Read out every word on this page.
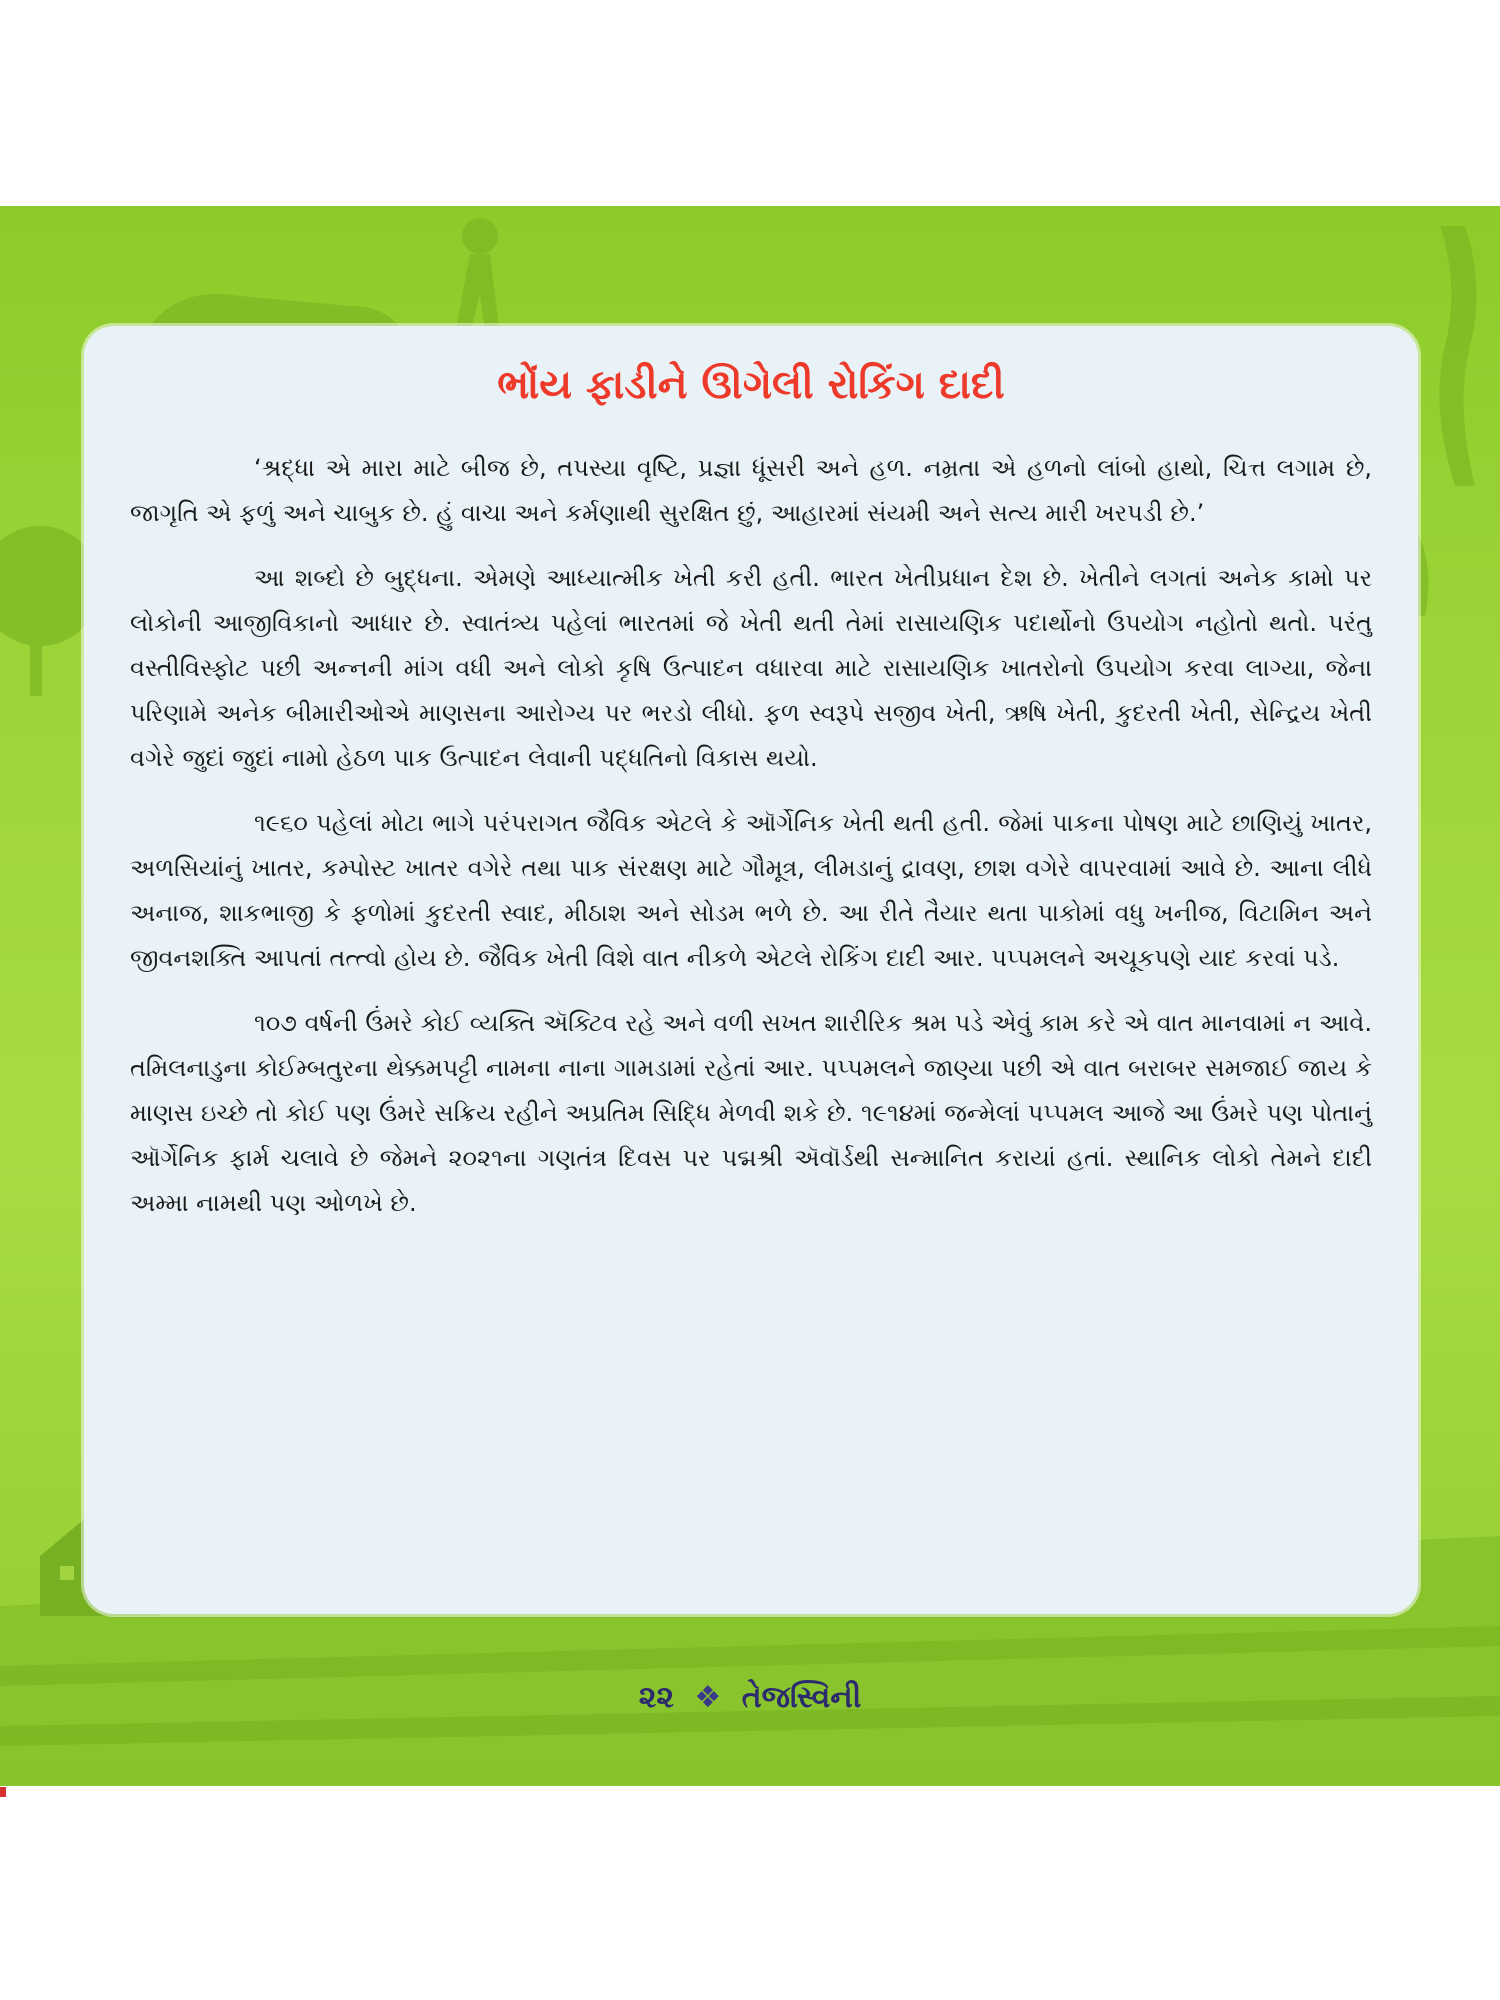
ભોંય ફાડીને ઊગેલી રોકિંગ દાદી

‘શ્રદ્ધા એ મારા માટે બીજ છે, તપસ્યા વૃષ્ટિ, પ્રજ્ઞા ધૂંસરી અને હળ. નમ્રતા એ હળનો લાંબો હાથો, ચિત્ત લગામ છે, જાગૃતિ એ ફળું અને ચાબુક છે. હું વાચા અને કર્મણાથી સુરક્ષિત છું, આહારમાં સંયમી અને સત્ય મારી ખરપડી છે.’

આ શબ્દો છે બુદ્ધના. એમણે આધ્યાત્મીક ખેતી કરી હતી. ભારત ખેતીપ્રધાન દેશ છે. ખેતીને લગતાં અનેક કામો પર લોકોની આજીવિકાનો આધાર છે. સ્વાતંત્ર્ય પહેલાં ભારતમાં જે ખેતી થતી તેમાં રાસાયણિક પદાર્થોનો ઉપયોગ નહોતો થતો. પરંતુ વસ્તીવિસ્ફોટ પછી અન્નની માંગ વધી અને લોકો કૃષિ ઉત્પાદન વધારવા માટે રાસાયણિક ખાતરોનો ઉપયોગ કરવા લાગ્યા, જેના પરિણામે અનેક બીમારીઓએ માણસના આરોગ્ય પર ભરડો લીધો. ફળ સ્વરૂપે સજીવ ખેતી, ઋષિ ખેતી, કુદરતી ખેતી, સેન્દ્રિય ખેતી વગેરે જુદાં જુદાં નામો હેઠળ પાક ઉત્પાદન લેવાની પદ્ધતિનો વિકાસ થયો.

૧૯૬૦ પહેલાં મોટા ભાગે પરંપરાગત જૈવિક એટલે કે ઑર્ગેનિક ખેતી થતી હતી. જેમાં પાકના પોષણ માટે છાણિયું ખાતર, અળસિયાંનું ખાતર, કમ્પોસ્ટ ખાતર વગેરે તથા પાક સંરક્ષણ માટે ગૌમૂત્ર, લીમડાનું દ્રાવણ, છાશ વગેરે વાપરવામાં આવે છે. આના લીધે અનાજ, શાકભાજી કે ફળોમાં કુદરતી સ્વાદ, મીઠાશ અને સોડમ ભળે છે. આ રીતે તૈયાર થતા પાકોમાં વધુ ખનીજ, વિટામિન અને જીવનશક્તિ આપતાં તત્ત્વો હોય છે. જૈવિક ખેતી વિશે વાત નીકળે એટલે રોકિંગ દાદી આર. પપ્પમલને અચૂકપણે યાદ કરવાં પડે.

૧૦૭ વર્ષની ઉંમરે કોઈ વ્યક્તિ ઍક્ટિવ રહે અને વળી સખત શારીરિક શ્રમ પડે એવું કામ કરે એ વાત માનવામાં ન આવે. તમિલનાડુના કોઈમ્બતુરના થેક્કમપટ્ટી નામના નાના ગામડામાં રહેતાં આર. પપ્પમલને જાણ્યા પછી એ વાત બરાબર સમજાઈ જાય કે માણસ ઇચ્છે તો કોઈ પણ ઉંમરે સક્રિય રહીને અપ્રતિમ સિદ્ધિ મેળવી શકે છે. ૧૯૧૪માં જન્મેલાં પપ્પમલ આજે આ ઉંમરે પણ પોતાનું ઑર્ગેનિક ફાર્મ ચલાવે છે જેમને ૨૦૨૧ના ગણતંત્ર દિવસ પર પદ્મશ્રી ઍવૉર્ડથી સન્માનિત કરાયાં હતાં. સ્થાનિક લોકો તેમને દાદી અમ્મા નામથી પણ ઓળખે છે.

૨૨ ❖ તેજસ્વિની
